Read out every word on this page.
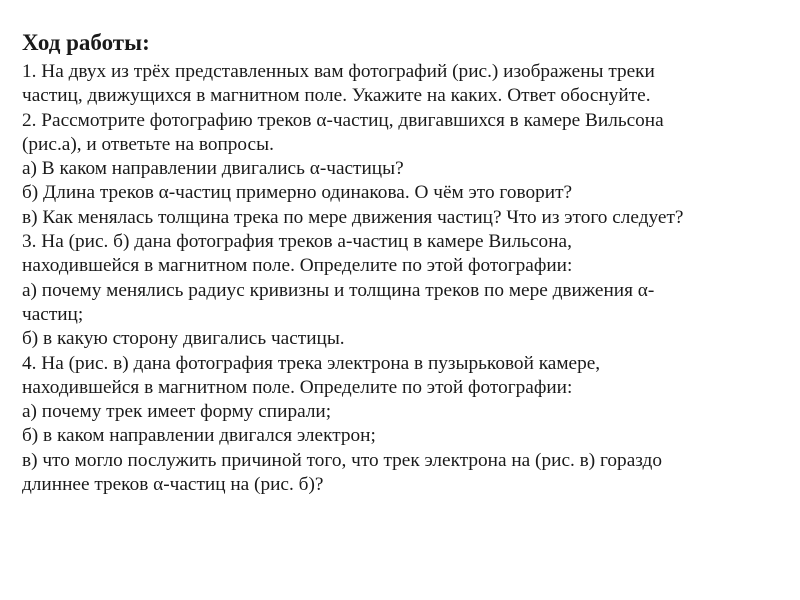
Ход работы:

1. На двух из трёх представленных вам фотографий (рис.) изображены треки

частиц, движущихся в магнитном поле. Укажите на каких. Ответ обоснуйте.

2. Рассмотрите фотографию треков α-частиц, двигавшихся в камере Вильсона

(рис.а), и ответьте на вопросы.

а) В каком направлении двигались α-частицы?

б) Длина треков α-частиц примерно одинакова. О чём это говорит?

в) Как менялась толщина трека по мере движения частиц? Что из этого следует?

3. На (рис. б) дана фотография треков а-частиц в камере Вильсона,

находившейся в магнитном поле. Определите по этой фотографии:

а) почему менялись радиус кривизны и толщина треков по мере движения α-

частиц;

б) в какую сторону двигались частицы.

4. На (рис. в) дана фотография трека электрона в пузырьковой камере,

находившейся в магнитном поле. Определите по этой фотографии:

а) почему трек имеет форму спирали;

б) в каком направлении двигался электрон;

в) что могло послужить причиной того, что трек электрона на (рис. в) гораздо

длиннее треков α-частиц на (рис. б)?
